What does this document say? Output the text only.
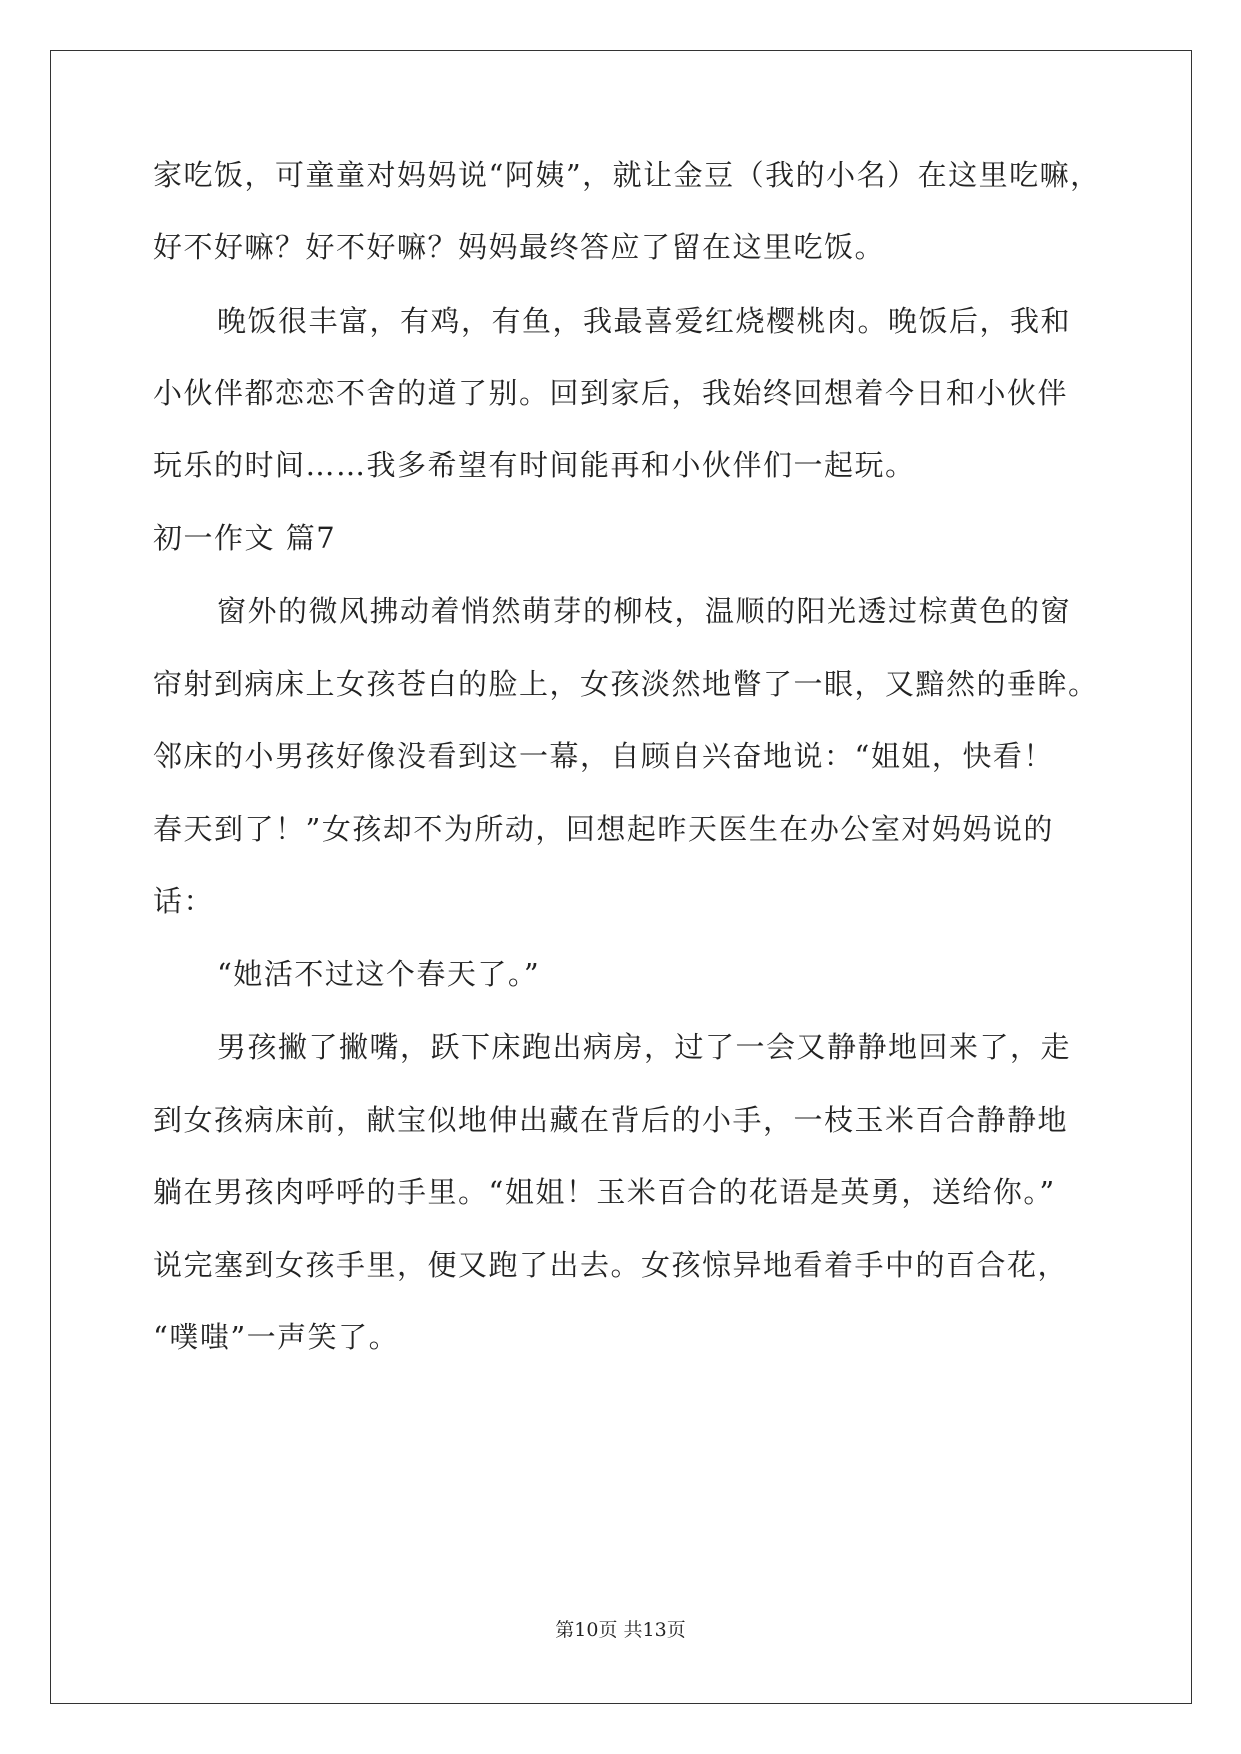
家吃饭，可童童对妈妈说“阿姨”，就让金豆（我的小名）在这里吃嘛，
好不好嘛？好不好嘛？妈妈最终答应了留在这里吃饭。
晚饭很丰富，有鸡，有鱼，我最喜爱红烧樱桃肉。晚饭后，我和
小伙伴都恋恋不舍的道了别。回到家后，我始终回想着今日和小伙伴
玩乐的时间……我多希望有时间能再和小伙伴们一起玩。
初一作文 篇7
窗外的微风拂动着悄然萌芽的柳枝，温顺的阳光透过棕黄色的窗
帘射到病床上女孩苍白的脸上，女孩淡然地瞥了一眼，又黯然的垂眸。
邻床的小男孩好像没看到这一幕，自顾自兴奋地说：“姐姐，快看！
春天到了！”女孩却不为所动，回想起昨天医生在办公室对妈妈说的
话：
“她活不过这个春天了。”
男孩撇了撇嘴，跃下床跑出病房，过了一会又静静地回来了，走
到女孩病床前，献宝似地伸出藏在背后的小手，一枝玉米百合静静地
躺在男孩肉呼呼的手里。“姐姐！玉米百合的花语是英勇，送给你。”
说完塞到女孩手里，便又跑了出去。女孩惊异地看着手中的百合花，
“噗嗤”一声笑了。
第10页 共13页
